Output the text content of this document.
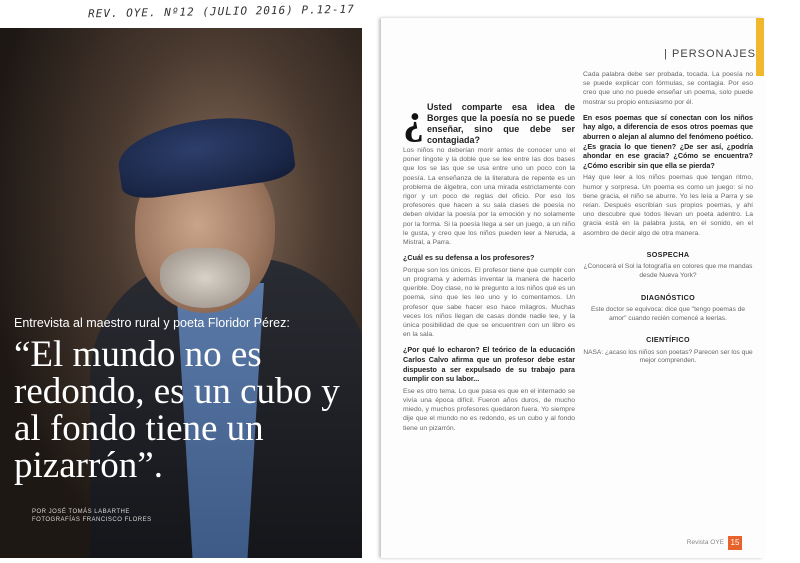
REV. OYE. Nº12 (JULIO 2016) P.12-17
Entrevista al maestro rural y poeta Floridor Pérez:
“El mundo no es redondo, es un cubo y al fondo tiene un pizarrón”.
POR JOSÉ TOMÁS LABARTHE
FOTOGRAFÍAS FRANCISCO FLORES
| PERSONAJES
¿ Usted comparte esa idea de Borges que la poesía no se puede enseñar, sino que debe ser contagiada?
Los niños no deberían morir antes de conocer uno el poner lingote y la doble que se lee entre las dos bases que los se las que se usa entre uno un poco con la poesía. La enseñanza de la literatura de repente es un problema de álgebra, con una mirada estrictamente con rigor y un poco de reglas del oficio. Por eso los profesores que hacen a su sala clases de poesía no deben olvidar la poesía por la emoción y no solamente por la forma. Si la poesía llega a ser un juego, a un niño le gusta, y creo que los niños pueden leer a Neruda, a Mistral, a Parra.
¿Cuál es su defensa a los profesores?
Porque son los únicos. El profesor tiene que cumplir con un programa y además inventar la manera de hacerlo querible. Doy clase, no le pregunto a los niños qué es un poema, sino que les leo uno y lo comentamos. Un profesor que sabe hacer eso hace milagros. Muchas veces los niños llegan de casas donde nadie lee, y la única posibilidad de que se encuentren con un libro es en la sala.
¿Por qué lo echaron? El teórico de la educación Carlos Calvo afirma que un profesor debe estar dispuesto a ser expulsado de su trabajo para cumplir con su labor...
Ese es otro tema. Lo que pasa es que en el internado se vivía una época difícil. Fueron años duros, de mucho miedo, y muchos profesores quedaron fuera. Yo siempre dije que el mundo no es redondo, es un cubo y al fondo tiene un pizarrón.
Cada palabra debe ser probada, tocada. La poesía no se puede explicar con fórmulas, se contagia. Por eso creo que uno no puede enseñar un poema, solo puede mostrar su propio entusiasmo por él.
En esos poemas que sí conectan con los niños hay algo, a diferencia de esos otros poemas que aburren o alejan al alumno del fenómeno poético. ¿Es gracia lo que tienen? ¿De ser así, ¿podría ahondar en ese gracia? ¿Cómo se encuentra? ¿Cómo escribir sin que ella se pierda?
Hay que leer a los niños poemas que tengan ritmo, humor y sorpresa. Un poema es como un juego: si no tiene gracia, el niño se aburre. Yo les leía a Parra y se reían. Después escribían sus propios poemas, y ahí uno descubre que todos llevan un poeta adentro. La gracia está en la palabra justa, en el sonido, en el asombro de decir algo de otra manera.
SOSPECHA
¿Conocerá el Sol la fotografía en colores que me mandas desde Nueva York?
DIAGNÓSTICO
Este doctor se equivoca: dice que "tengo poemas de amor" cuando recién comencé a leerlas.
CIENTÍFICO
NASA: ¿acaso los niños son poetas? Parecen ser los que mejor comprenden.
Revista OYE 15
